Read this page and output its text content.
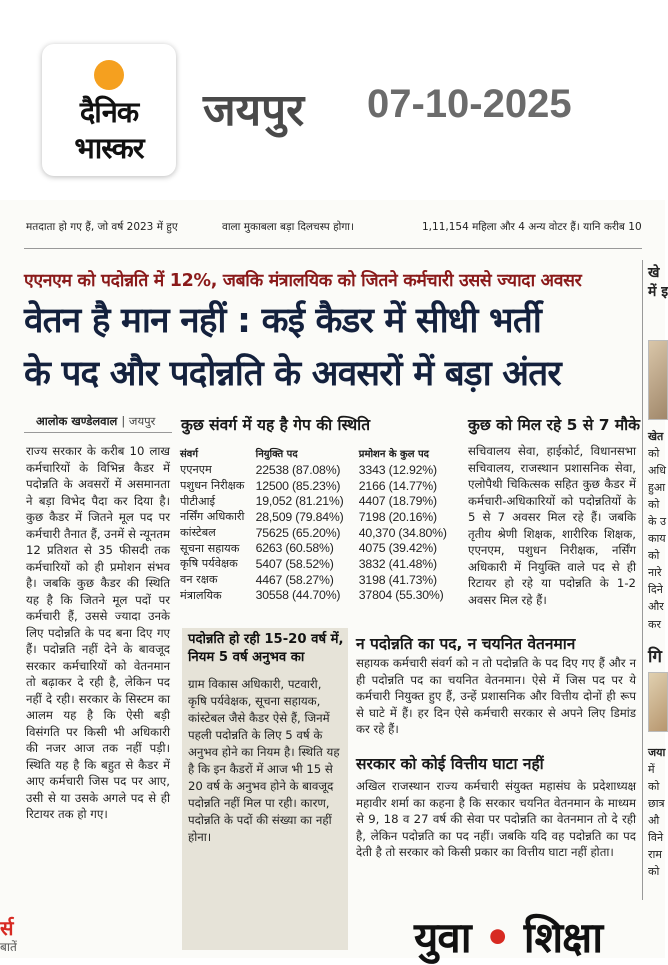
दैनिक
भास्कर
जयपुर 07-10-2025
मतदाता हो गए हैं, जो वर्ष 2023 में हुए	वाला मुकाबला बड़ा दिलचस्प होगा।	1,11,154 महिला और 4 अन्य वोटर हैं। यानि करीब 10
एएनएम को पदोन्नति में 12%, जबकि मंत्रालयिक को जितने कर्मचारी उससे ज्यादा अवसर
वेतन है मान नहीं : कई कैडर में सीधी भर्ती
के पद और पदोन्नति के अवसरों में बड़ा अंतर
आलोक खण्डेलवाल | जयपुर

राज्य सरकार के करीब 10 लाख कर्मचारियों के विभिन्न कैडर में पदोन्नति के अवसरों में असमानता ने बड़ा विभेद पैदा कर दिया है। कुछ कैडर में जितने मूल पद पर कर्मचारी तैनात हैं, उनमें से न्यूनतम 12 प्रतिशत से 35 फीसदी तक कर्मचारियों को ही प्रमोशन संभव है। जबकि कुछ कैडर की स्थिति यह है कि जितने मूल पदों पर कर्मचारी हैं, उससे ज्यादा उनके लिए पदोन्नति के पद बना दिए गए हैं। पदोन्नति नहीं देने के बावजूद सरकार कर्मचारियों को वेतनमान तो बढ़ाकर दे रही है, लेकिन पद नहीं दे रही। सरकार के सिस्टम का आलम यह है कि ऐसी बड़ी विसंगति पर किसी भी अधिकारी की नजर आज तक नहीं पड़ी। स्थिति यह है कि बहुत से कैडर में आए कर्मचारी जिस पद पर आए, उसी से या उसके अगले पद से ही रिटायर तक हो गए।

कुछ संवर्ग में यह है गेप की स्थिति
संवर्ग	नियुक्ति पद	प्रमोशन के कुल पद
एएनएम	22538 (87.08%)	3343 (12.92%)
पशुधन निरीक्षक	12500 (85.23%)	2166 (14.77%)
पीटीआई	19,052 (81.21%)	4407 (18.79%)
नर्सिंग अधिकारी	28,509 (79.84%)	7198 (20.16%)
कांस्टेबल	75625 (65.20%)	40,370 (34.80%)
सूचना सहायक	6263 (60.58%)	4075 (39.42%)
कृषि पर्यवेक्षक	5407 (58.52%)	3832 (41.48%)
वन रक्षक	4467 (58.27%)	3198 (41.73%)
मंत्रालयिक	30558 (44.70%)	37804 (55.30%)
पदोन्नति हो रही 15-20 वर्ष में, नियम 5 वर्ष अनुभव का
ग्राम विकास अधिकारी, पटवारी, कृषि पर्यवेक्षक, सूचना सहायक, कांस्टेबल जैसे कैडर ऐसे हैं, जिनमें पहली पदोन्नति के लिए 5 वर्ष के अनुभव होने का नियम है। स्थिति यह है कि इन कैडरों में आज भी 15 से 20 वर्ष के अनुभव होने के बावजूद पदोन्नति नहीं मिल पा रही। कारण, पदोन्नति के पदों की संख्या का नहीं होना।
कुछ को मिल रहे 5 से 7 मौके

सचिवालय सेवा, हाईकोर्ट, विधानसभा सचिवालय, राजस्थान प्रशासनिक सेवा, एलोपैथी चिकित्सक सहित कुछ कैडर में कर्मचारी-अधिकारियों को पदोन्नतियों के 5 से 7 अवसर मिल रहे हैं। जबकि तृतीय श्रेणी शिक्षक, शारीरिक शिक्षक, एएनएम, पशुधन निरीक्षक, नर्सिंग अधिकारी में नियुक्ति वाले पद से ही रिटायर हो रहे या पदोन्नति के 1-2 अवसर मिल रहे हैं।

न पदोन्नति का पद, न चयनित वेतनमान

सहायक कर्मचारी संवर्ग को न तो पदोन्नति के पद दिए गए हैं और न ही पदोन्नति पद का चयनित वेतनमान। ऐसे में जिस पद पर ये कर्मचारी नियुक्त हुए हैं, उन्हें प्रशासनिक और वित्तीय दोनों ही रूप से घाटे में हैं। हर दिन ऐसे कर्मचारी सरकार से अपने लिए डिमांड कर रहे हैं।

सरकार को कोई वित्तीय घाटा नहीं

अखिल राजस्थान राज्य कर्मचारी संयुक्त महासंघ के प्रदेशाध्यक्ष महावीर शर्मा का कहना है कि सरकार चयनित वेतनमान के माध्यम से 9, 18 व 27 वर्ष की सेवा पर पदोन्नति का वेतनमान तो दे रही है, लेकिन पदोन्नति का पद नहीं। जबकि यदि वह पदोन्नति का पद देती है तो सरकार को किसी प्रकार का वित्तीय घाटा नहीं होता।

खे
में इ
खेत
को
अधि
हुआ
को
के उ
काय
को
नारे
दिने
और
कर
गि
जया
में
को
छात्र
औ
विने
राम
को
र्स
बातें	युवा • शिक्षा
